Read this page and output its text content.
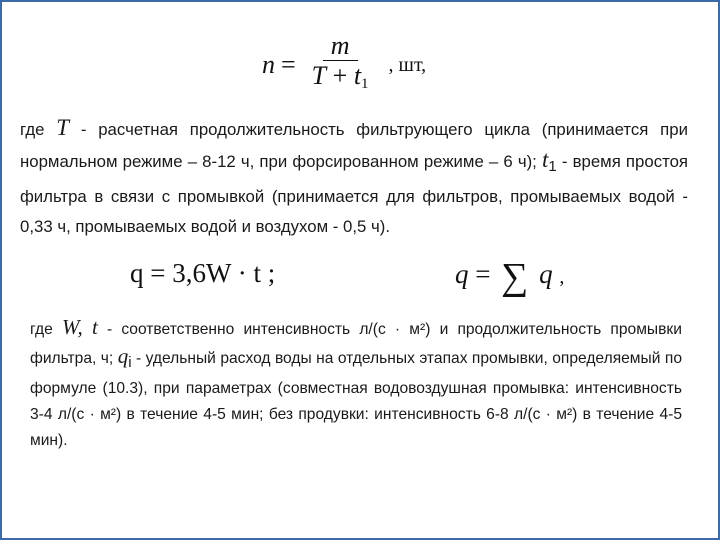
$n = \frac{m}{T + t_1}$ , шт,
где T - расчетная продолжительность фильтрующего цикла (принимается при нормальном режиме – 8-12 ч, при форсированном режиме – 6 ч); $t_1$ - время простоя фильтра в связи с промывкой (принимается для фильтров, промываемых водой - 0,33 ч, промываемых водой и воздухом - 0,5 ч).
q = 3,6W · t ;	q = ∑ q ,
где W, t - соответственно интенсивность л/(с · м²) и продолжительность промывки фильтра, ч; $q_i$ - удельный расход воды на отдельных этапах промывки, определяемый по формуле (10.3), при параметрах (совместная водовоздушная промывка: интенсивность 3-4 л/(с · м²) в течение 4-5 мин; без продувки: интенсивность 6-8 л/(с · м²) в течение 4-5 мин).
